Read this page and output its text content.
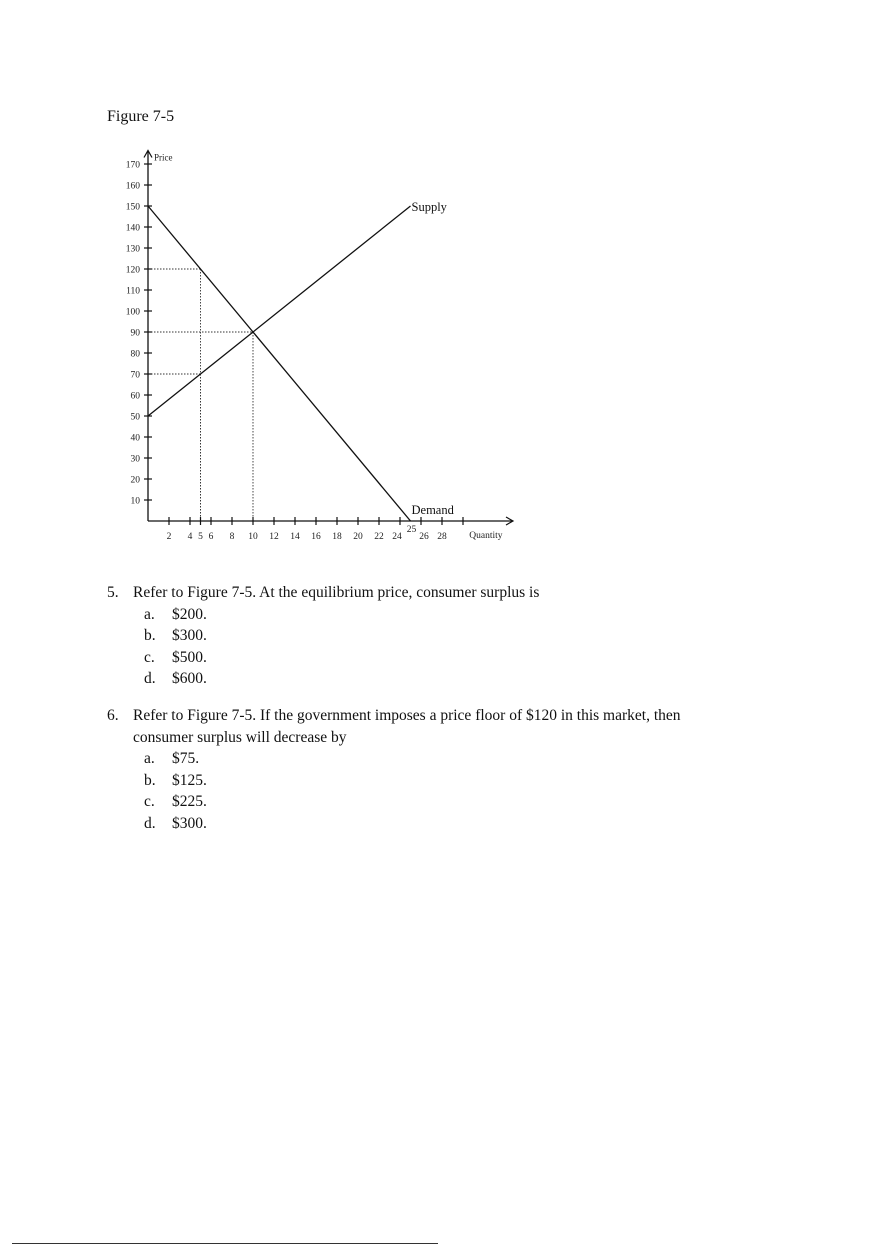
Figure 7-5
10
20
30
40
50
60
70
80
90
100
110
120
130
140
150
160
170
2 4 5 6 8 10 12 14 16 18 20 22 24
25
26 28
Price
Quantity
Supply
Demand
5. Refer to Figure 7-5. At the equilibrium price, consumer surplus is
a.	$200.
b.	$300.
c.	$500.
d.	$600.
6. Refer to Figure 7-5. If the government imposes a price floor of $120 in this market, then consumer surplus will decrease by
a.	$75.
b.	$125.
c.	$225.
d.	$300.
